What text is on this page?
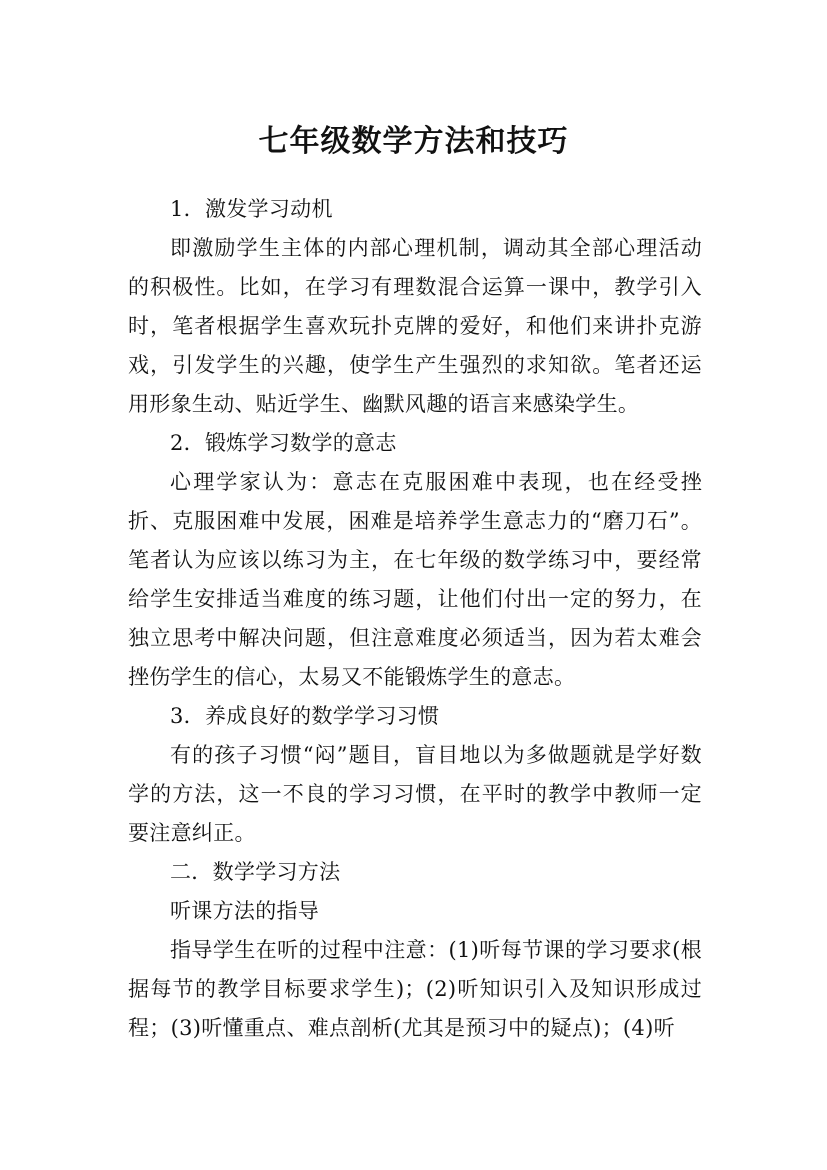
七年级数学方法和技巧

1．激发学习动机

即激励学生主体的内部心理机制，调动其全部心理活动的积极性。比如，在学习有理数混合运算一课中，教学引入时，笔者根据学生喜欢玩扑克牌的爱好，和他们来讲扑克游戏，引发学生的兴趣，使学生产生强烈的求知欲。笔者还运用形象生动、贴近学生、幽默风趣的语言来感染学生。

2．锻炼学习数学的意志

心理学家认为：意志在克服困难中表现，也在经受挫折、克服困难中发展，困难是培养学生意志力的“磨刀石”。笔者认为应该以练习为主，在七年级的数学练习中，要经常给学生安排适当难度的练习题，让他们付出一定的努力，在独立思考中解决问题，但注意难度必须适当，因为若太难会挫伤学生的信心，太易又不能锻炼学生的意志。

3．养成良好的数学学习习惯

有的孩子习惯“闷”题目，盲目地以为多做题就是学好数学的方法，这一不良的学习习惯，在平时的教学中教师一定要注意纠正。

二．数学学习方法

听课方法的指导

指导学生在听的过程中注意：(1)听每节课的学习要求(根据每节的教学目标要求学生)；(2)听知识引入及知识形成过程；(3)听懂重点、难点剖析(尤其是预习中的疑点)；(4)听
